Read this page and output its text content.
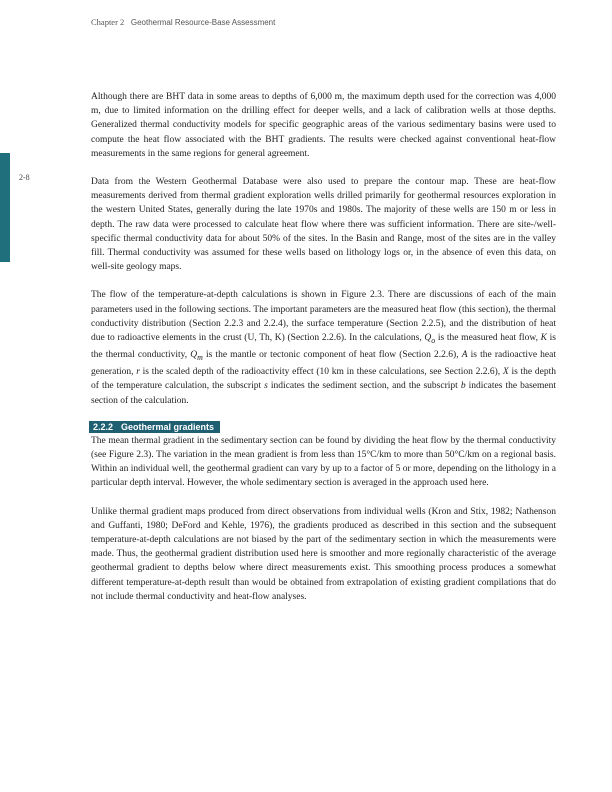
Chapter 2 Geothermal Resource-Base Assessment
2-8

Although there are BHT data in some areas to depths of 6,000 m, the maximum depth used for the correction was 4,000 m, due to limited information on the drilling effect for deeper wells, and a lack of calibration wells at those depths. Generalized thermal conductivity models for specific geographic areas of the various sedimentary basins were used to compute the heat flow associated with the BHT gradients. The results were checked against conventional heat-flow measurements in the same regions for general agreement.

Data from the Western Geothermal Database were also used to prepare the contour map. These are heat-flow measurements derived from thermal gradient exploration wells drilled primarily for geothermal resources exploration in the western United States, generally during the late 1970s and 1980s. The majority of these wells are 150 m or less in depth. The raw data were processed to calculate heat flow where there was sufficient information. There are site-/well-specific thermal conductivity data for about 50% of the sites. In the Basin and Range, most of the sites are in the valley fill. Thermal conductivity was assumed for these wells based on lithology logs or, in the absence of even this data, on well-site geology maps.

The flow of the temperature-at-depth calculations is shown in Figure 2.3. There are discussions of each of the main parameters used in the following sections. The important parameters are the measured heat flow (this section), the thermal conductivity distribution (Section 2.2.3 and 2.2.4), the surface temperature (Section 2.2.5), and the distribution of heat due to radioactive elements in the crust (U, Th, K) (Section 2.2.6). In the calculations, $Q_o$ is the measured heat flow, K is the thermal conductivity, $Q_m$ is the mantle or tectonic component of heat flow (Section 2.2.6), A is the radioactive heat generation, r is the scaled depth of the radioactivity effect (10 km in these calculations, see Section 2.2.6), X is the depth of the temperature calculation, the subscript s indicates the sediment section, and the subscript b indicates the basement section of the calculation.

2.2.2 Geothermal gradients

The mean thermal gradient in the sedimentary section can be found by dividing the heat flow by the thermal conductivity (see Figure 2.3). The variation in the mean gradient is from less than 15°C/km to more than 50°C/km on a regional basis. Within an individual well, the geothermal gradient can vary by up to a factor of 5 or more, depending on the lithology in a particular depth interval. However, the whole sedimentary section is averaged in the approach used here.

Unlike thermal gradient maps produced from direct observations from individual wells (Kron and Stix, 1982; Nathenson and Guffanti, 1980; DeFord and Kehle, 1976), the gradients produced as described in this section and the subsequent temperature-at-depth calculations are not biased by the part of the sedimentary section in which the measurements were made. Thus, the geothermal gradient distribution used here is smoother and more regionally characteristic of the average geothermal gradient to depths below where direct measurements exist. This smoothing process produces a somewhat different temperature-at-depth result than would be obtained from extrapolation of existing gradient compilations that do not include thermal conductivity and heat-flow analyses.
